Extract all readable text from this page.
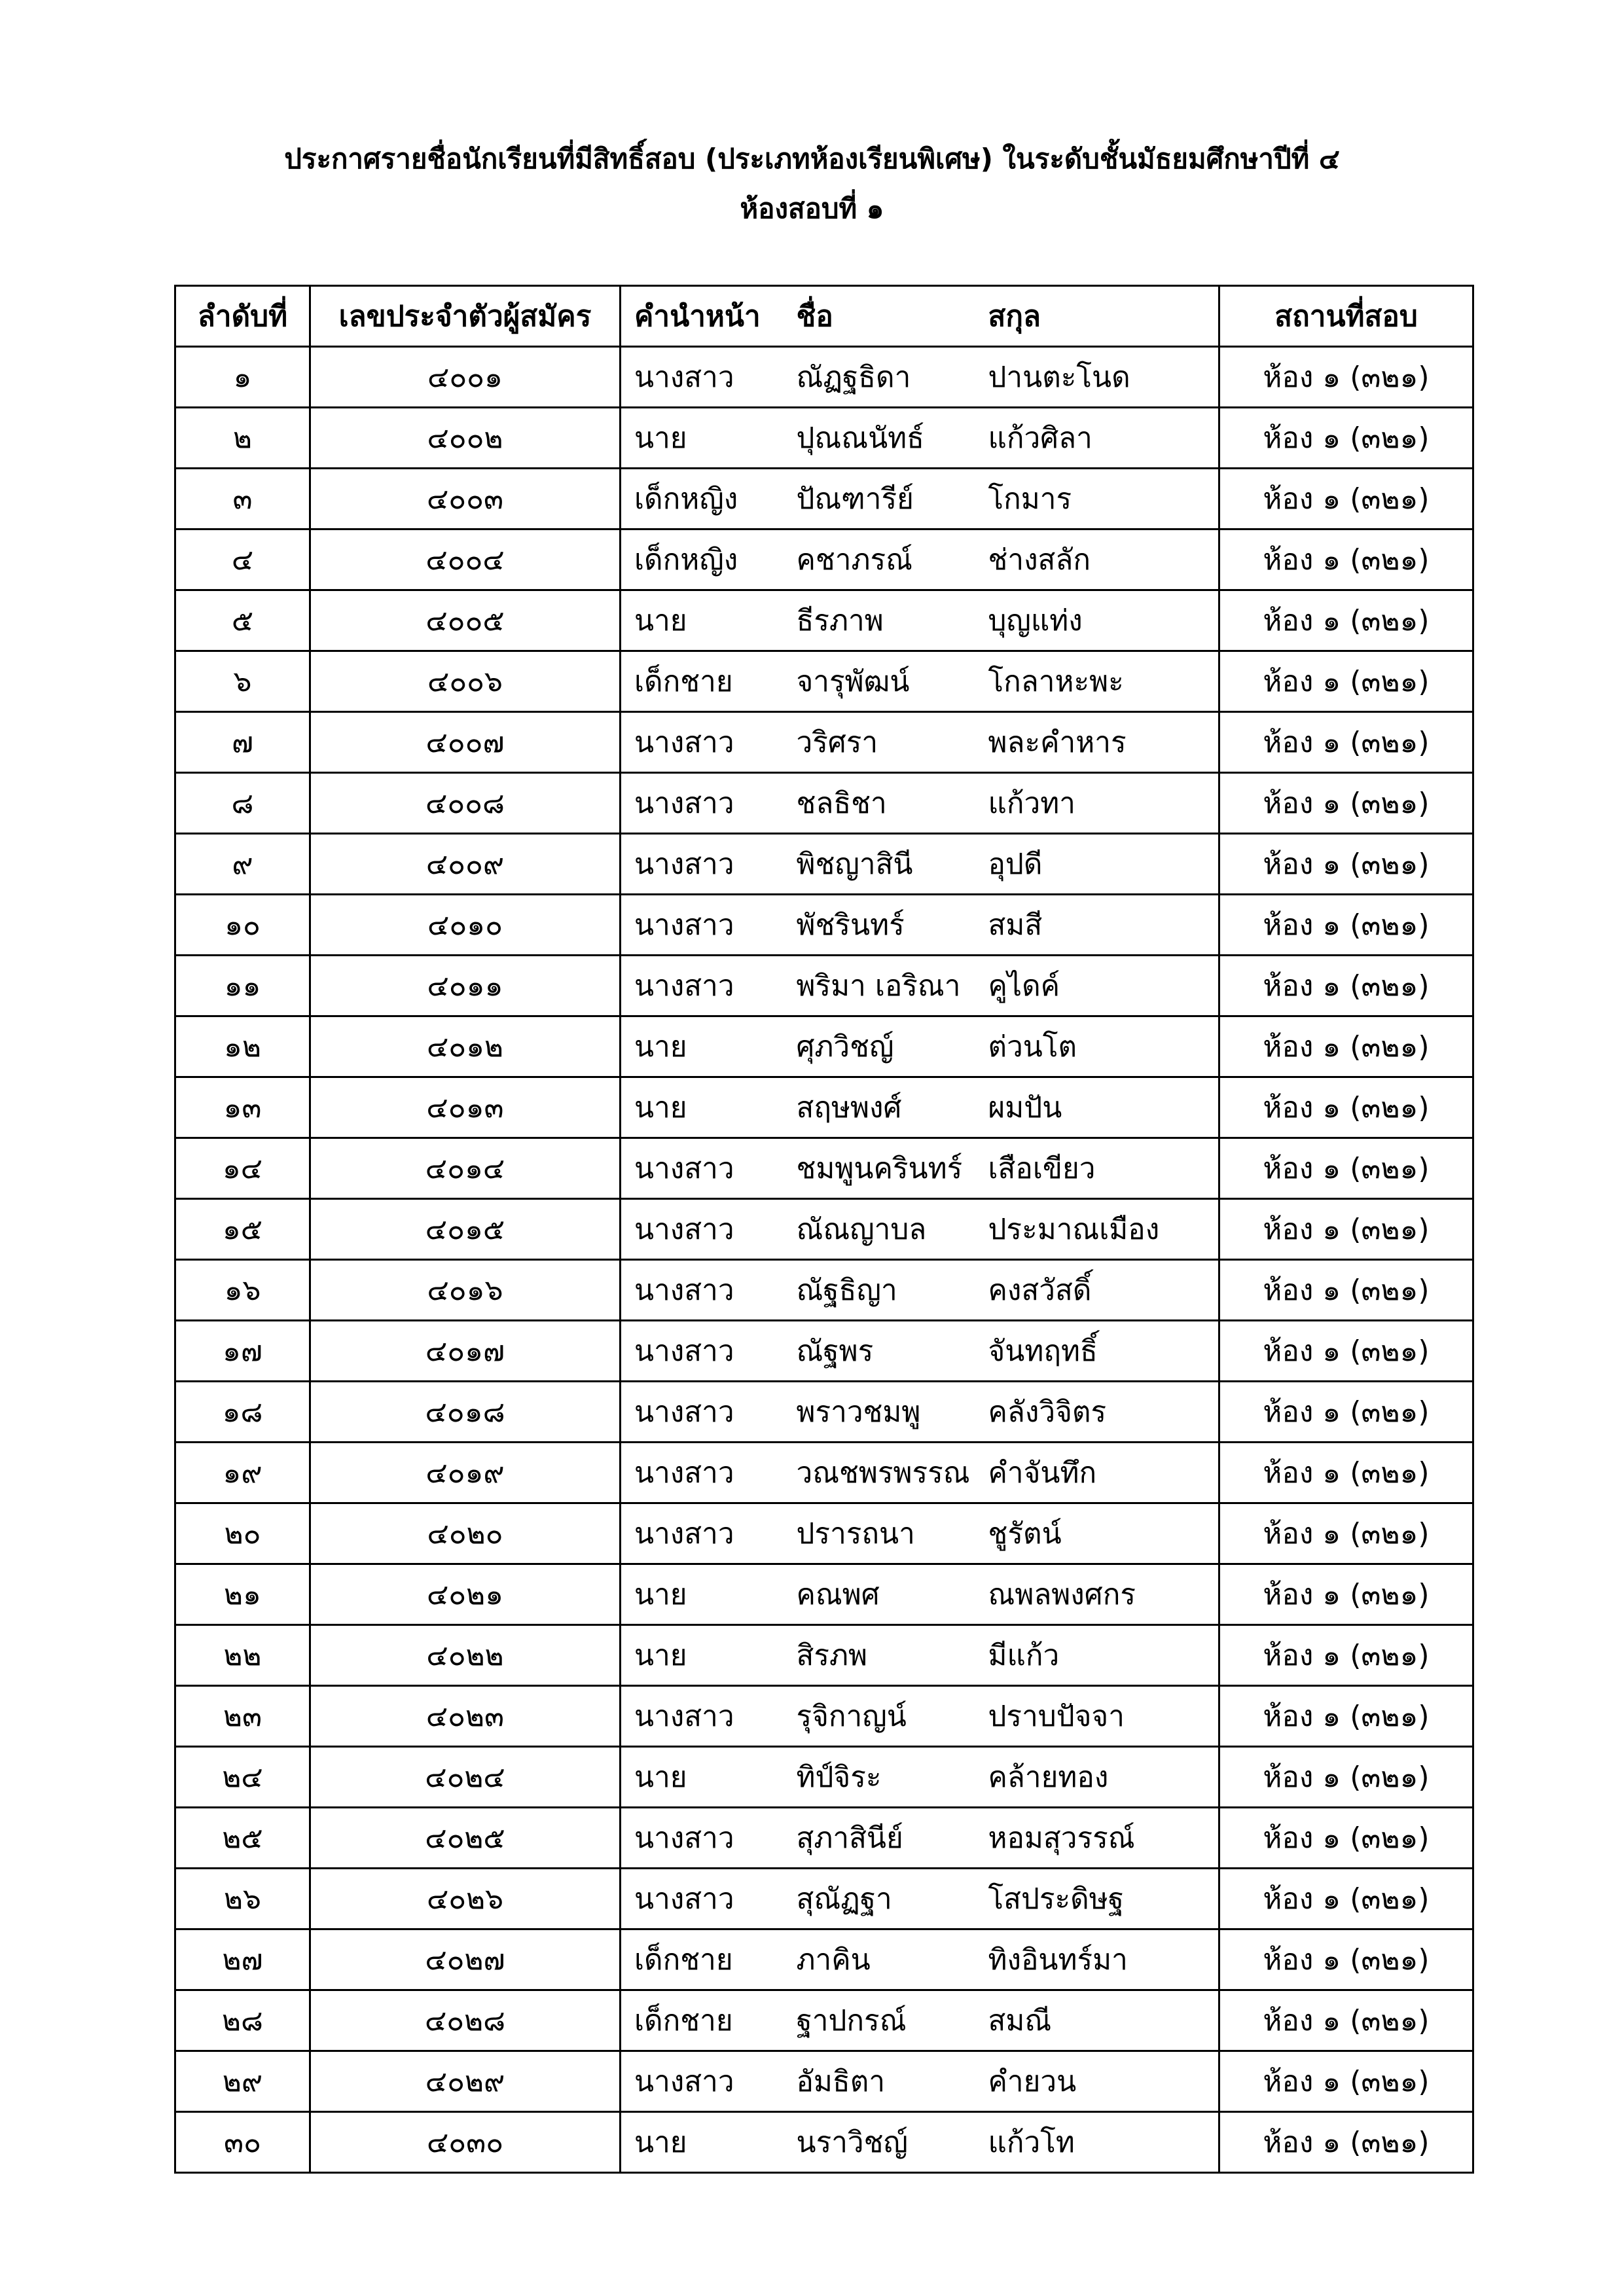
ประกาศรายชื่อนักเรียนที่มีสิทธิ์สอบ (ประเภทห้องเรียนพิเศษ) ในระดับชั้นมัธยมศึกษาปีที่ ๔
ห้องสอบที่ ๑
ลำดับที่	เลขประจำตัวผู้สมัคร	คำนำหน้า	ชื่อ	สกุล	สถานที่สอบ
๑	๔๐๐๑	นางสาว	ณัฏฐธิดา	ปานตะโนด	ห้อง ๑ (๓๒๑)
๒	๔๐๐๒	นาย	ปุณณนัทธ์	แก้วศิลา	ห้อง ๑ (๓๒๑)
๓	๔๐๐๓	เด็กหญิง	ปัณฑารีย์	โกมาร	ห้อง ๑ (๓๒๑)
๔	๔๐๐๔	เด็กหญิง	คชาภรณ์	ช่างสลัก	ห้อง ๑ (๓๒๑)
๕	๔๐๐๕	นาย	ธีรภาพ	บุญแท่ง	ห้อง ๑ (๓๒๑)
๖	๔๐๐๖	เด็กชาย	จารุพัฒน์	โกลาหะพะ	ห้อง ๑ (๓๒๑)
๗	๔๐๐๗	นางสาว	วริศรา	พละคำหาร	ห้อง ๑ (๓๒๑)
๘	๔๐๐๘	นางสาว	ชลธิชา	แก้วทา	ห้อง ๑ (๓๒๑)
๙	๔๐๐๙	นางสาว	พิชญาสินี	อุปดี	ห้อง ๑ (๓๒๑)
๑๐	๔๐๑๐	นางสาว	พัชรินทร์	สมสี	ห้อง ๑ (๓๒๑)
๑๑	๔๐๑๑	นางสาว	พริมา เอริณา	คูไดค์	ห้อง ๑ (๓๒๑)
๑๒	๔๐๑๒	นาย	ศุภวิชญ์	ต่วนโต	ห้อง ๑ (๓๒๑)
๑๓	๔๐๑๓	นาย	สฤษพงศ์	ผมปัน	ห้อง ๑ (๓๒๑)
๑๔	๔๐๑๔	นางสาว	ชมพูนครินทร์	เสือเขียว	ห้อง ๑ (๓๒๑)
๑๕	๔๐๑๕	นางสาว	ณัณญาบล	ประมาณเมือง	ห้อง ๑ (๓๒๑)
๑๖	๔๐๑๖	นางสาว	ณัฐธิญา	คงสวัสดิ์	ห้อง ๑ (๓๒๑)
๑๗	๔๐๑๗	นางสาว	ณัฐพร	จันทฤทธิ์	ห้อง ๑ (๓๒๑)
๑๘	๔๐๑๘	นางสาว	พราวชมพู	คลังวิจิตร	ห้อง ๑ (๓๒๑)
๑๙	๔๐๑๙	นางสาว	วณชพรพรรณ	คำจันทึก	ห้อง ๑ (๓๒๑)
๒๐	๔๐๒๐	นางสาว	ปรารถนา	ชูรัตน์	ห้อง ๑ (๓๒๑)
๒๑	๔๐๒๑	นาย	คณพศ	ณพลพงศกร	ห้อง ๑ (๓๒๑)
๒๒	๔๐๒๒	นาย	สิรภพ	มีแก้ว	ห้อง ๑ (๓๒๑)
๒๓	๔๐๒๓	นางสาว	รุจิกาญน์	ปราบปัจจา	ห้อง ๑ (๓๒๑)
๒๔	๔๐๒๔	นาย	ทิป์จิระ	คล้ายทอง	ห้อง ๑ (๓๒๑)
๒๕	๔๐๒๕	นางสาว	สุภาสินีย์	หอมสุวรรณ์	ห้อง ๑ (๓๒๑)
๒๖	๔๐๒๖	นางสาว	สุณัฏฐา	โสประดิษฐ	ห้อง ๑ (๓๒๑)
๒๗	๔๐๒๗	เด็กชาย	ภาคิน	ทิงอินทร์มา	ห้อง ๑ (๓๒๑)
๒๘	๔๐๒๘	เด็กชาย	ฐาปกรณ์	สมณี	ห้อง ๑ (๓๒๑)
๒๙	๔๐๒๙	นางสาว	อัมธิตา	คำยวน	ห้อง ๑ (๓๒๑)
๓๐	๔๐๓๐	นาย	นราวิชญ์	แก้วโท	ห้อง ๑ (๓๒๑)
